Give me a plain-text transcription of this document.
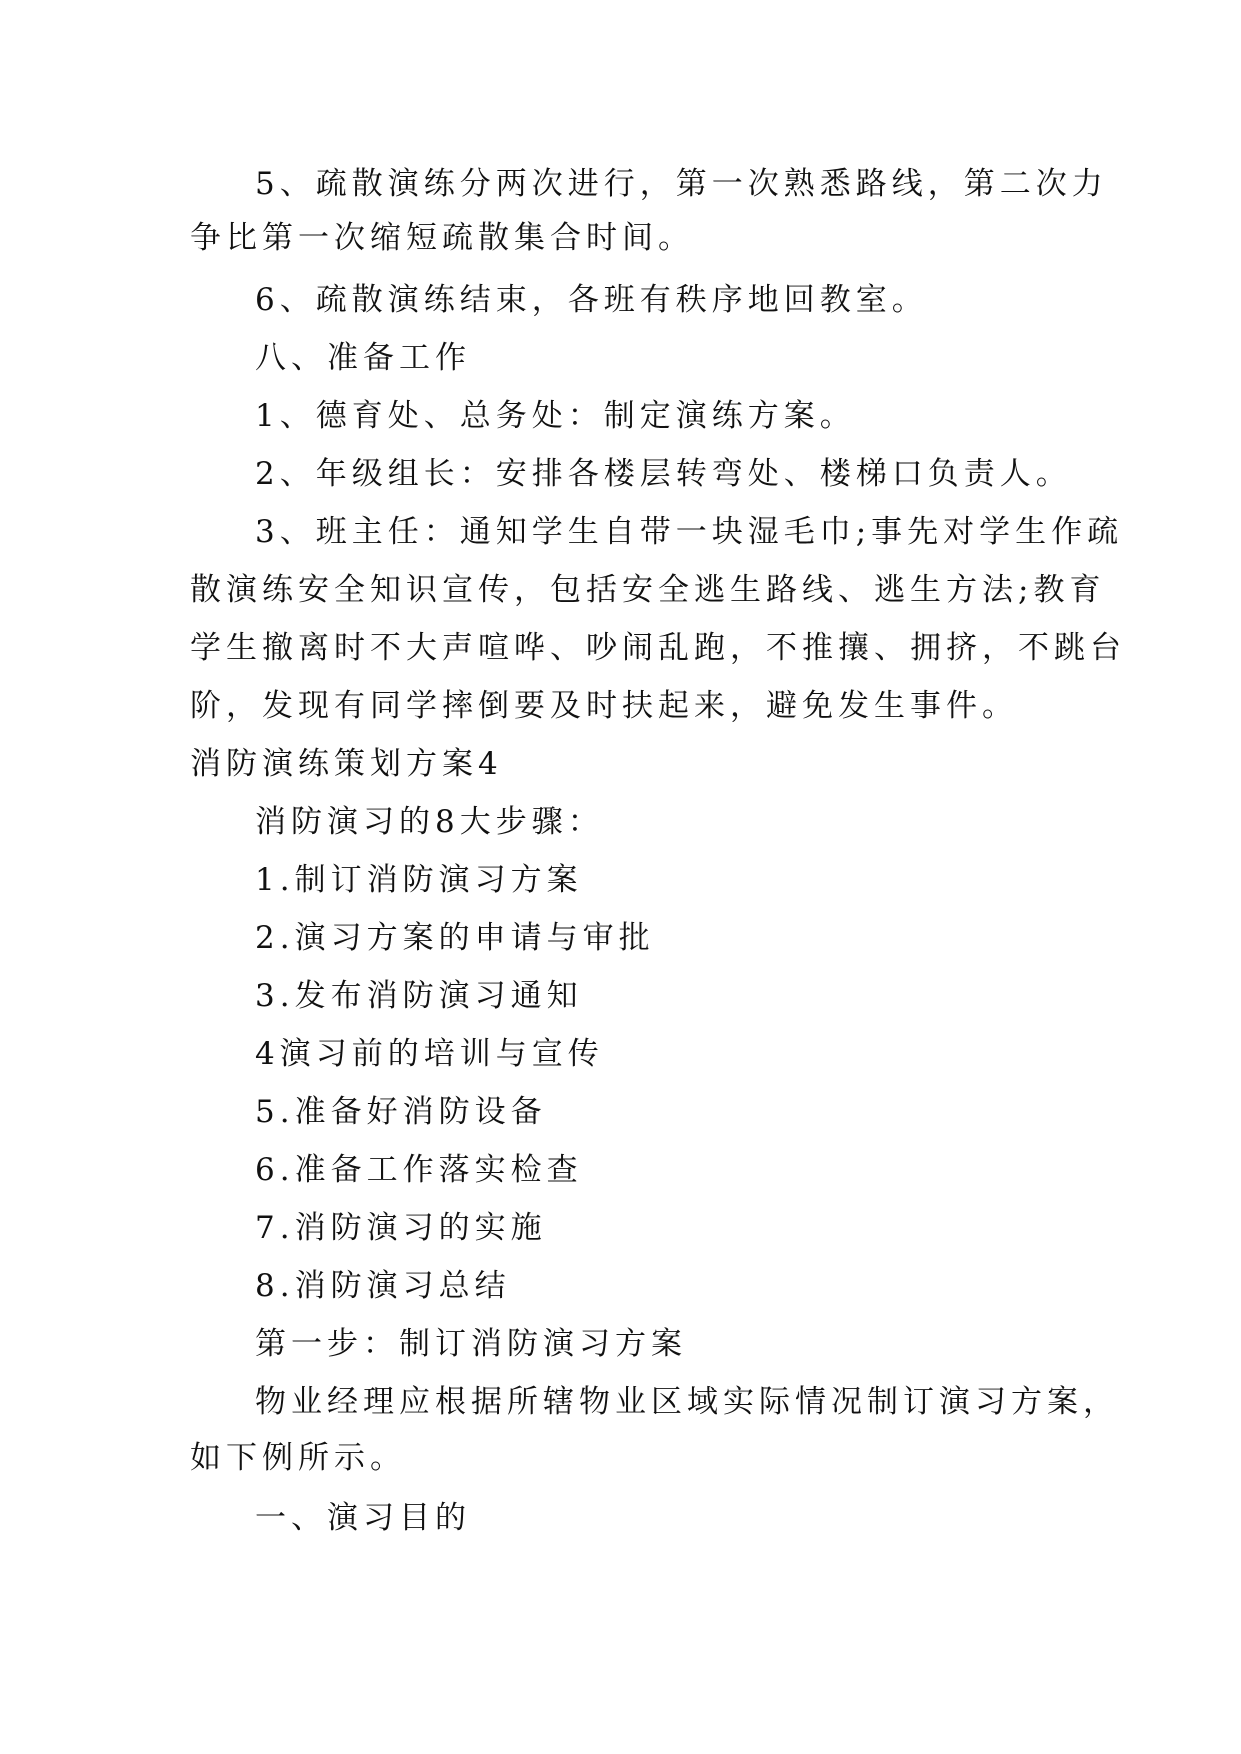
5、疏散演练分两次进行，第一次熟悉路线，第二次力
争比第一次缩短疏散集合时间。
6、疏散演练结束，各班有秩序地回教室。
八、准备工作
1、德育处、总务处：制定演练方案。
2、年级组长：安排各楼层转弯处、楼梯口负责人。
3、班主任：通知学生自带一块湿毛巾;事先对学生作疏
散演练安全知识宣传，包括安全逃生路线、逃生方法;教育
学生撤离时不大声喧哗、吵闹乱跑，不推攘、拥挤，不跳台
阶，发现有同学摔倒要及时扶起来，避免发生事件。
消防演练策划方案4
消防演习的8大步骤：
1.制订消防演习方案
2.演习方案的申请与审批
3.发布消防演习通知
4演习前的培训与宣传
5.准备好消防设备
6.准备工作落实检查
7.消防演习的实施
8.消防演习总结
第一步：制订消防演习方案
物业经理应根据所辖物业区域实际情况制订演习方案，
如下例所示。
一、演习目的
